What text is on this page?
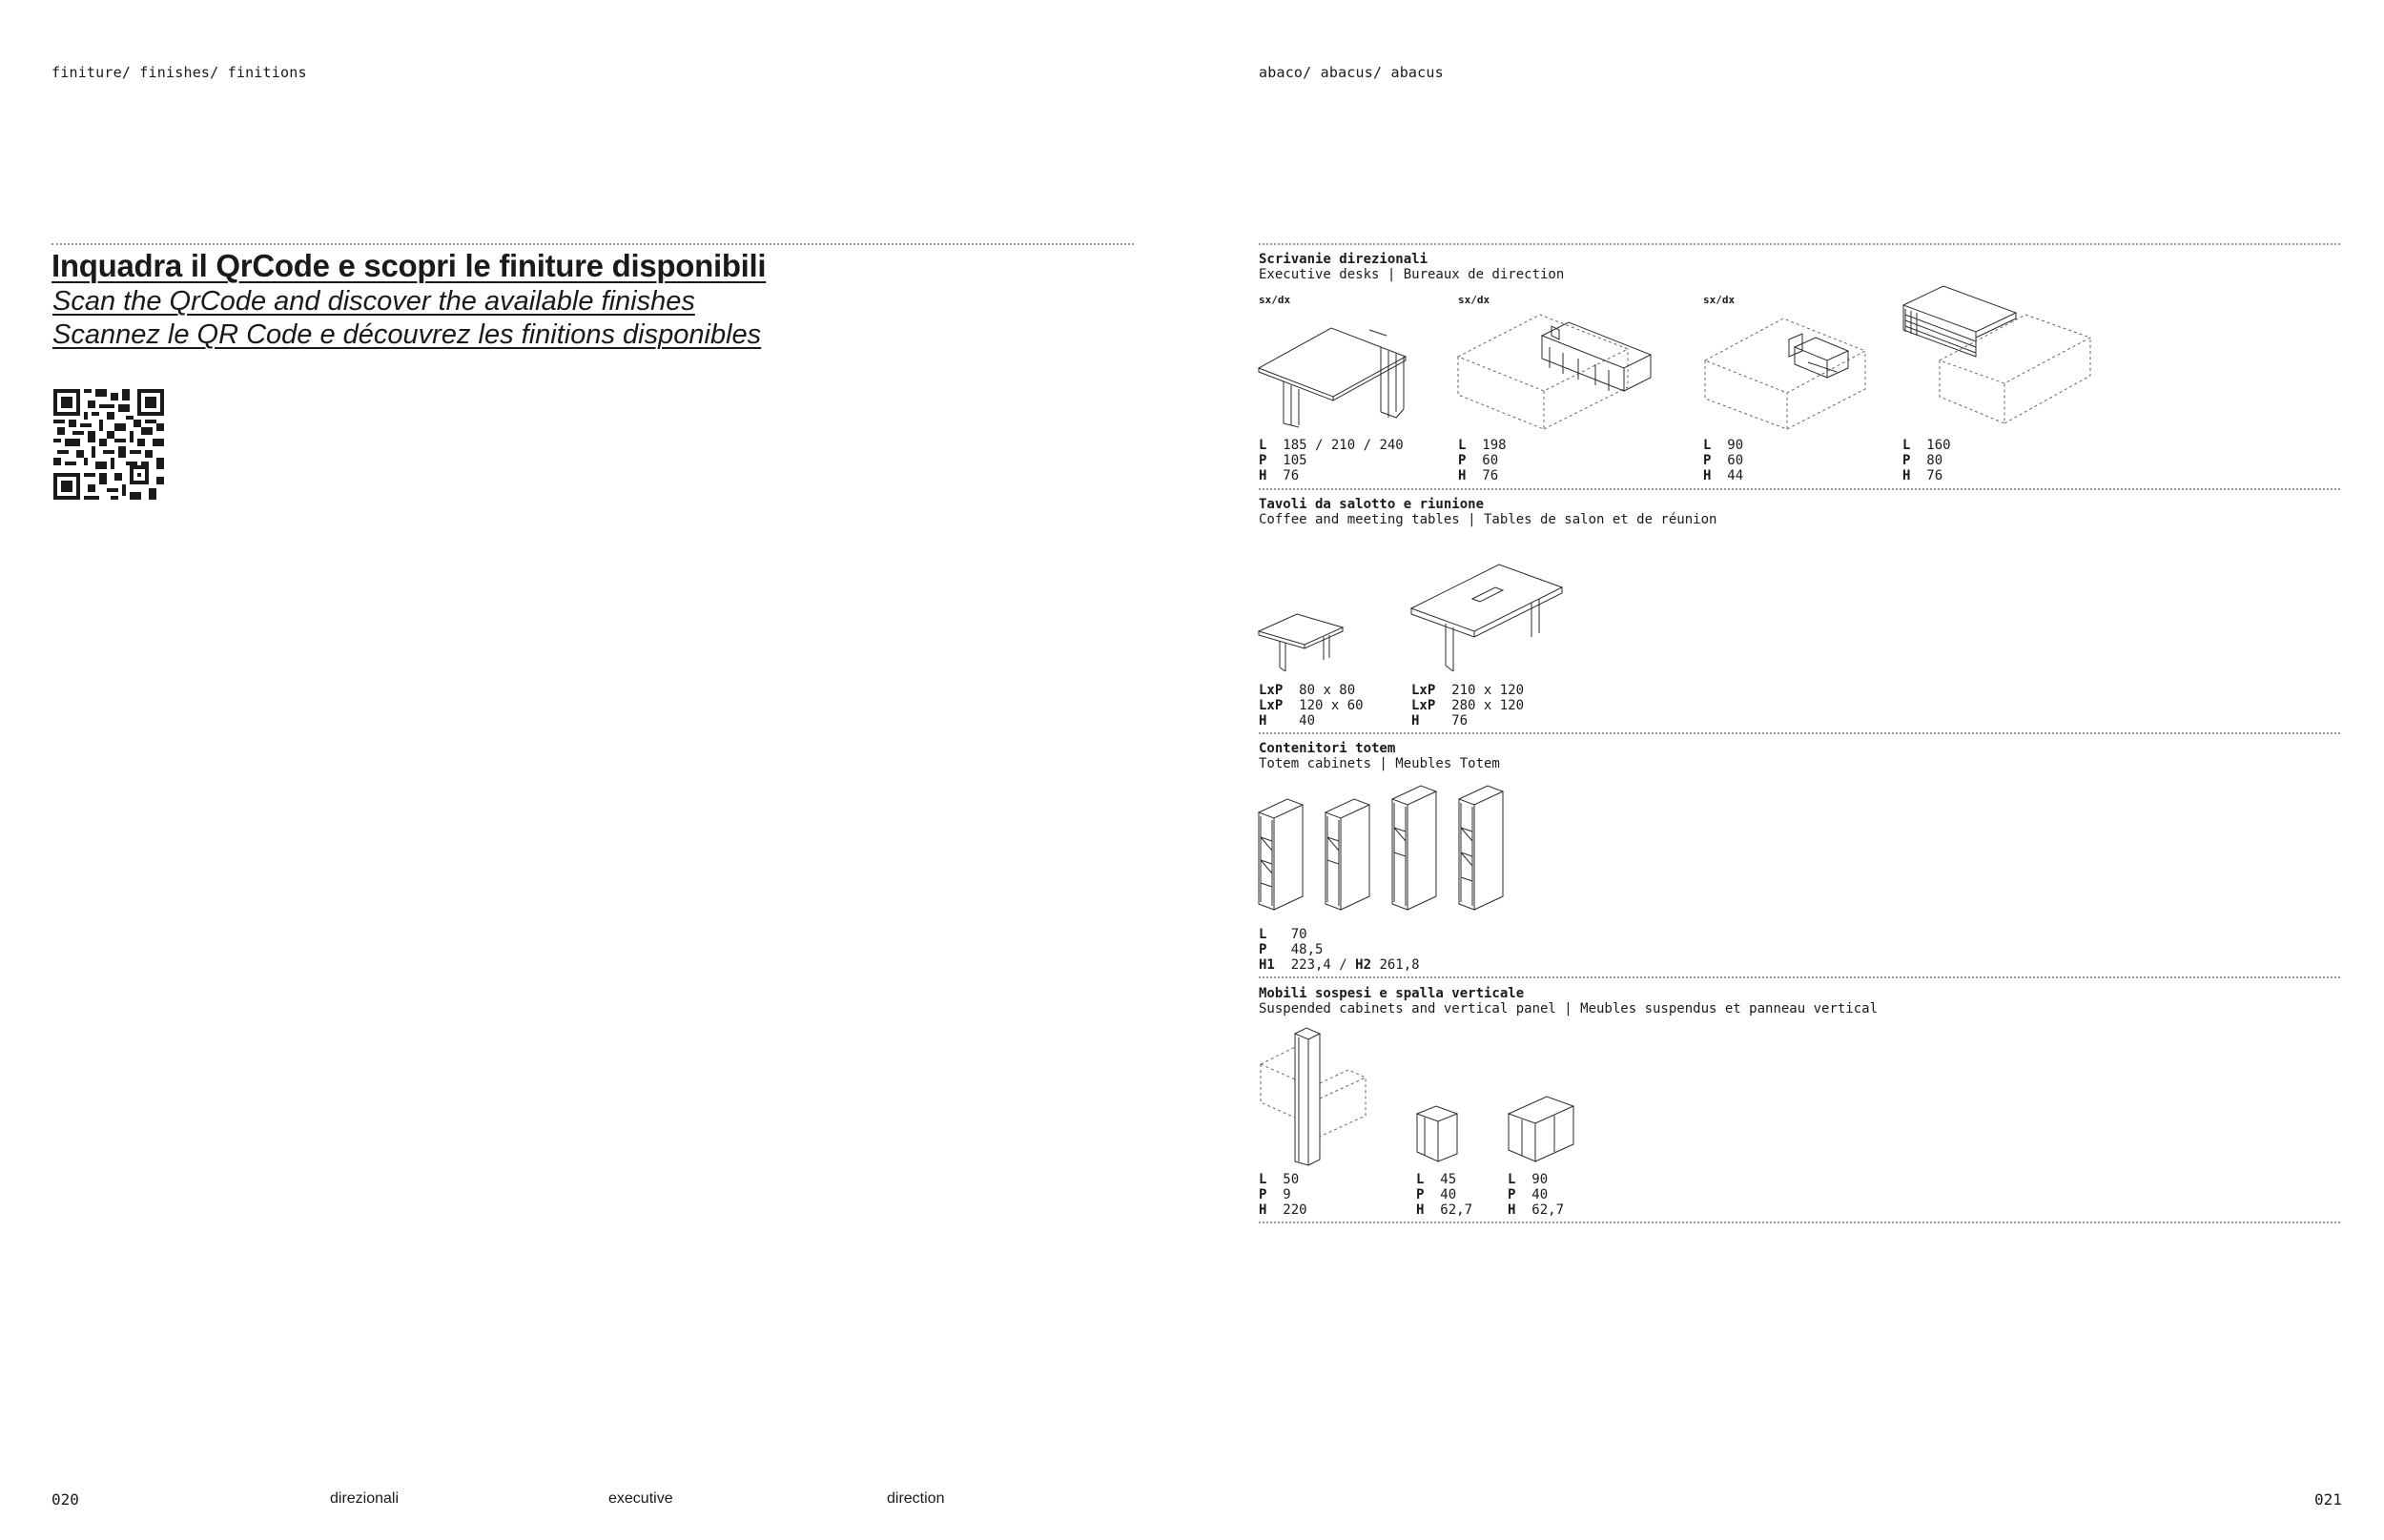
finiture/ finishes/ finitions
Inquadra il QrCode e scopri le finiture disponibili
Scan the QrCode and discover the available finishes
Scannez le QR Code e découvrez les finitions disponibles
020	direzionali	executive	direction
abaco/ abacus/ abacus
Scrivanie direzionali
Executive desks | Bureaux de direction
sx/dx	sx/dx	sx/dx
L 185 / 210 / 240
P 105
H 76
L 198
P 60
H 76
L 90
P 60
H 44
L 160
P 80
H 76
Tavoli da salotto e riunione
Coffee and meeting tables | Tables de salon et de réunion
LxP 80 x 80
LxP 120 x 60
H 40
LxP 210 x 120
LxP 280 x 120
H 76
Contenitori totem
Totem cabinets | Meubles Totem
L 70
P 48,5
H1 223,4 / H2 261,8
Mobili sospesi e spalla verticale
Suspended cabinets and vertical panel | Meubles suspendus et panneau vertical
L 50
P 9
H 220
L 45
P 40
H 62,7
L 90
P 40
H 62,7
021
